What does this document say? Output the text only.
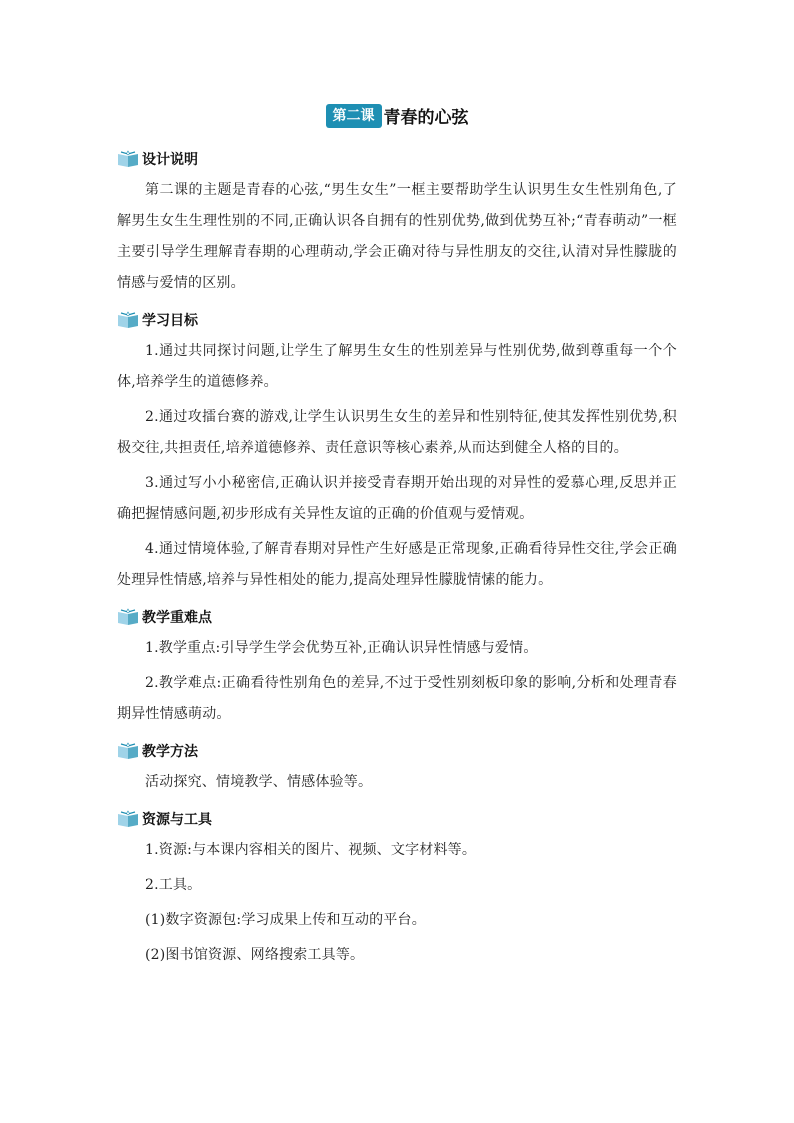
第二课 青春的心弦
设计说明

第二课的主题是青春的心弦,“男生女生”一框主要帮助学生认识男生女生性别角色,了解男生女生生理性别的不同,正确认识各自拥有的性别优势,做到优势互补;“青春萌动”一框主要引导学生理解青春期的心理萌动,学会正确对待与异性朋友的交往,认清对异性朦胧的情感与爱情的区别。

学习目标

1.通过共同探讨问题,让学生了解男生女生的性别差异与性别优势,做到尊重每一个个体,培养学生的道德修养。

2.通过攻擂台赛的游戏,让学生认识男生女生的差异和性别特征,使其发挥性别优势,积极交往,共担责任,培养道德修养、责任意识等核心素养,从而达到健全人格的目的。

3.通过写小小秘密信,正确认识并接受青春期开始出现的对异性的爱慕心理,反思并正确把握情感问题,初步形成有关异性友谊的正确的价值观与爱情观。

4.通过情境体验,了解青春期对异性产生好感是正常现象,正确看待异性交往,学会正确处理异性情感,培养与异性相处的能力,提高处理异性朦胧情愫的能力。

教学重难点

1.教学重点:引导学生学会优势互补,正确认识异性情感与爱情。

2.教学难点:正确看待性别角色的差异,不过于受性别刻板印象的影响,分析和处理青春期异性情感萌动。

教学方法

活动探究、情境教学、情感体验等。

资源与工具

1.资源:与本课内容相关的图片、视频、文字材料等。

2.工具。

(1)数字资源包:学习成果上传和互动的平台。

(2)图书馆资源、网络搜索工具等。
